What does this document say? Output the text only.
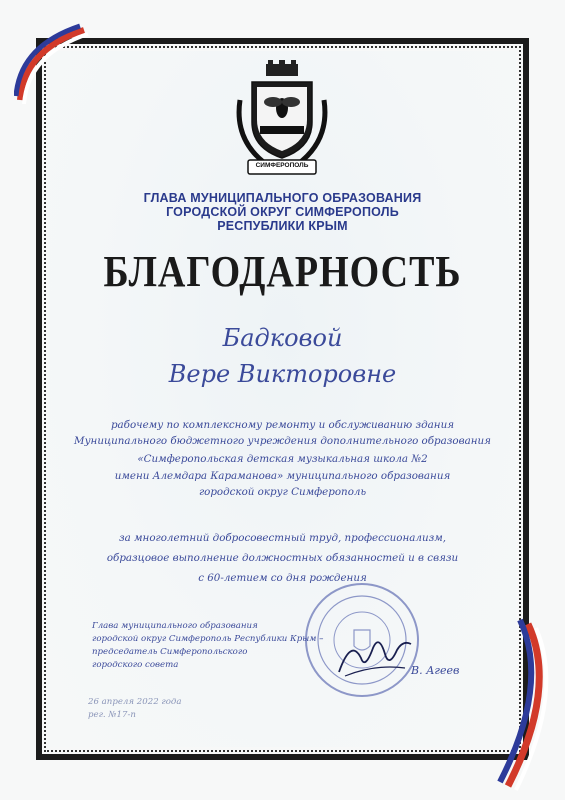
СИМФЕРОПОЛЬ
ГЛАВА МУНИЦИПАЛЬНОГО ОБРАЗОВАНИЯ
ГОРОДСКОЙ ОКРУГ СИМФЕРОПОЛЬ
РЕСПУБЛИКИ КРЫМ
БЛАГОДАРНОСТЬ
Бадковой
Вере Викторовне
рабочему по комплексному ремонту и обслуживанию здания
Муниципального бюджетного учреждения дополнительного образования
«Симферопольская детская музыкальная школа №2
имени Алемдара Караманова» муниципального образования
городской округ Симферополь
за многолетний добросовестный труд, профессионализм,
образцовое выполнение должностных обязанностей и в связи
с 60-летием со дня рождения
Глава муниципального образования
городской округ Симферополь Республики Крым –
председатель Симферопольского
городского совета	В. Агеев
26 апреля 2022 года
рег. №17-п
